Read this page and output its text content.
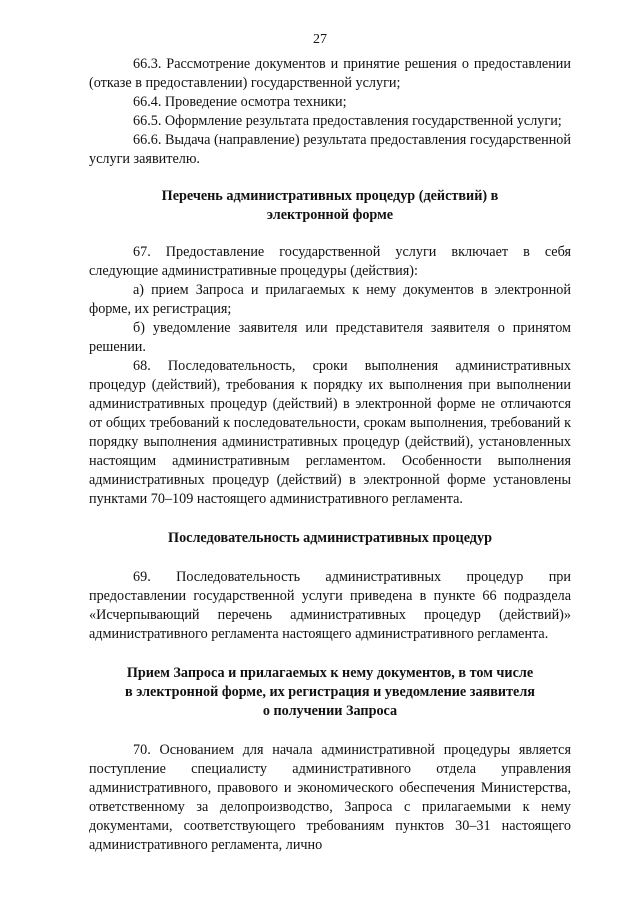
27

66.3. Рассмотрение документов и принятие решения о предоставлении (отказе в предоставлении) государственной услуги;

66.4. Проведение осмотра техники;

66.5. Оформление результата предоставления государственной услуги;

66.6. Выдача (направление) результата предоставления государственной услуги заявителю.

Перечень административных процедур (действий) в электронной форме

67. Предоставление государственной услуги включает в себя следующие административные процедуры (действия):

а) прием Запроса и прилагаемых к нему документов в электронной форме, их регистрация;

б) уведомление заявителя или представителя заявителя о принятом решении.

68. Последовательность, сроки выполнения административных процедур (действий), требования к порядку их выполнения при выполнении административных процедур (действий) в электронной форме не отличаются от общих требований к последовательности, срокам выполнения, требований к порядку выполнения административных процедур (действий), установленных настоящим административным регламентом. Особенности выполнения административных процедур (действий) в электронной форме установлены пунктами 70–109 настоящего административного регламента.

Последовательность административных процедур

69. Последовательность административных процедур при предоставлении государственной услуги приведена в пункте 66 подраздела «Исчерпывающий перечень административных процедур (действий)» административного регламента настоящего административного регламента.

Прием Запроса и прилагаемых к нему документов, в том числе
в электронной форме, их регистрация и уведомление заявителя
о получении Запроса

70. Основанием для начала административной процедуры является поступление специалисту административного отдела управления административного, правового и экономического обеспечения Министерства, ответственному за делопроизводство, Запроса с прилагаемыми к нему документами, соответствующего требованиям пунктов 30–31 настоящего административного регламента, лично
